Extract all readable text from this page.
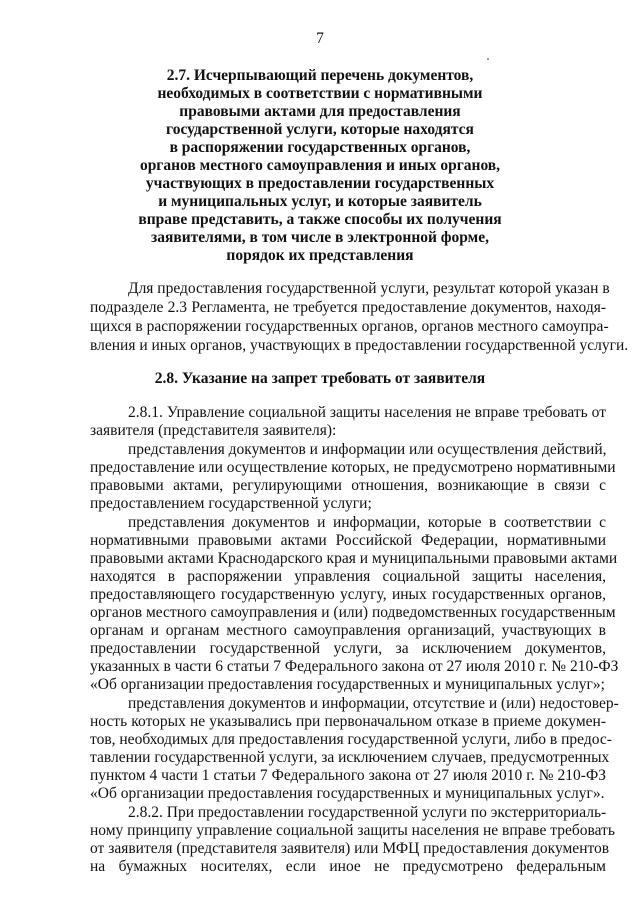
7
2.7. Исчерпывающий перечень документов,
необходимых в соответствии с нормативными
правовыми актами для предоставления
государственной услуги, которые находятся
в распоряжении государственных органов,
органов местного самоуправления и иных органов,
участвующих в предоставлении государственных
и муниципальных услуг, и которые заявитель
вправе представить, а также способы их получения
заявителями, в том числе в электронной форме,
порядок их представления
Для предоставления государственной услуги, результат которой указан в
подразделе 2.3 Регламента, не требуется предоставление документов, находя-
щихся в распоряжении государственных органов, органов местного самоупра-
вления и иных органов, участвующих в предоставлении государственной услуги.
2.8. Указание на запрет требовать от заявителя
2.8.1. Управление социальной защиты населения не вправе требовать от
заявителя (представителя заявителя):
представления документов и информации или осуществления действий,
предоставление или осуществление которых, не предусмотрено нормативными
правовыми актами, регулирующими отношения, возникающие в связи с
предоставлением государственной услуги;
представления документов и информации, которые в соответствии с
нормативными правовыми актами Российской Федерации, нормативными
правовыми актами Краснодарского края и муниципальными правовыми актами
находятся в распоряжении управления социальной защиты населения,
предоставляющего государственную услугу, иных государственных органов,
органов местного самоуправления и (или) подведомственных государственным
органам и органам местного самоуправления организаций, участвующих в
предоставлении государственной услуги, за исключением документов,
указанных в части 6 статьи 7 Федерального закона от 27 июля 2010 г. № 210-ФЗ
«Об организации предоставления государственных и муниципальных услуг»;
представления документов и информации, отсутствие и (или) недостовер-
ность которых не указывались при первоначальном отказе в приеме докумен-
тов, необходимых для предоставления государственной услуги, либо в предос-
тавлении государственной услуги, за исключением случаев, предусмотренных
пунктом 4 части 1 статьи 7 Федерального закона от 27 июля 2010 г. № 210-ФЗ
«Об организации предоставления государственных и муниципальных услуг».
2.8.2. При предоставлении государственной услуги по экстерриториаль-
ному принципу управление социальной защиты населения не вправе требовать
от заявителя (представителя заявителя) или МФЦ предоставления документов
на бумажных носителях, если иное не предусмотрено федеральным
